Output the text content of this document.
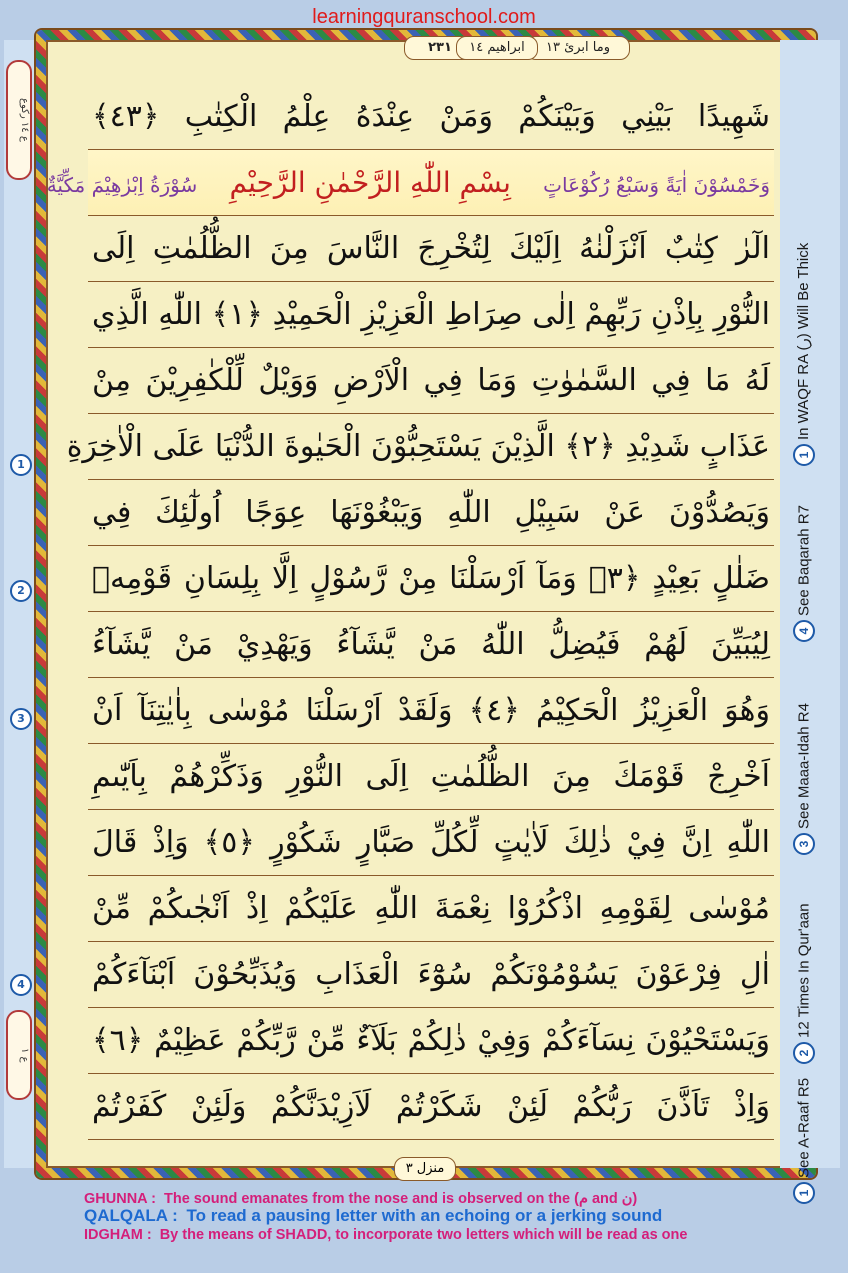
learningquranschool.com
٢٣١	وما ابرئ ١٣
ابراهيم ١٤
ع ١٤ ركوع
1
2
3
4
ع ١
1
In WAQF RA (ر) Will Be Thick
4
See Baqarah R7
3
See Maaa-Idah R4
2
12 Times In Qur'aan
1
See A-Raaf R5
شَهِيدًا بَيْنِي وَبَيْنَكُمْ وَمَنْ عِنْدَهُ عِلْمُ الْكِتٰبِ ﴿٤٣﴾
وَخَمْسُوْنَ اٰيَةً وَسَبْعُ رُكُوْعَاتٍ بِسْمِ اللّٰهِ الرَّحْمٰنِ الرَّحِيْمِ سُوْرَةُ اِبْرٰهِيْمَ مَكِّيَّةٌ
الٓرٰ كِتٰبٌ اَنْزَلْنٰهُ اِلَيْكَ لِتُخْرِجَ النَّاسَ مِنَ الظُّلُمٰتِ اِلَى
النُّوْرِ بِاِذْنِ رَبِّهِمْ اِلٰى صِرَاطِ الْعَزِيْزِ الْحَمِيْدِ ﴿١﴾ اللّٰهِ الَّذِي
لَهُ مَا فِي السَّمٰوٰتِ وَمَا فِي الْاَرْضِ وَوَيْلٌ لِّلْكٰفِرِيْنَ مِنْ
عَذَابٍ شَدِيْدِ ﴿٢﴾ الَّذِيْنَ يَسْتَحِبُّوْنَ الْحَيٰوةَ الدُّنْيَا عَلَى الْاٰخِرَةِ
وَيَصُدُّوْنَ عَنْ سَبِيْلِ اللّٰهِ وَيَبْغُوْنَهَا عِوَجًا اُولٰٓئِكَ فِي
ضَلٰلٍ بَعِيْدٍ ﴿٣﴾ وَمَآ اَرْسَلْنَا مِنْ رَّسُوْلٍ اِلَّا بِلِسَانِ قَوْمِهٖ
لِيُبَيِّنَ لَهُمْ فَيُضِلُّ اللّٰهُ مَنْ يَّشَآءُ وَيَهْدِيْ مَنْ يَّشَآءُ
وَهُوَ الْعَزِيْزُ الْحَكِيْمُ ﴿٤﴾ وَلَقَدْ اَرْسَلْنَا مُوْسٰى بِاٰيٰتِنَآ اَنْ
اَخْرِجْ قَوْمَكَ مِنَ الظُّلُمٰتِ اِلَى النُّوْرِ وَذَكِّرْهُمْ بِاَيّٰىمِ
اللّٰهِ اِنَّ فِيْ ذٰلِكَ لَاٰيٰتٍ لِّكُلِّ صَبَّارٍ شَكُوْرٍ ﴿٥﴾ وَاِذْ قَالَ
مُوْسٰى لِقَوْمِهِ اذْكُرُوْا نِعْمَةَ اللّٰهِ عَلَيْكُمْ اِذْ اَنْجٰىكُمْ مِّنْ
اٰلِ فِرْعَوْنَ يَسُوْمُوْنَكُمْ سُوْٓءَ الْعَذَابِ وَيُذَبِّحُوْنَ اَبْنَآءَكُمْ
وَيَسْتَحْيُوْنَ نِسَآءَكُمْ وَفِيْ ذٰلِكُمْ بَلَآءٌ مِّنْ رَّبِّكُمْ عَظِيْمٌ ﴿٦﴾
وَاِذْ تَاَذَّنَ رَبُّكُمْ لَئِنْ شَكَرْتُمْ لَاَزِيْدَنَّكُمْ وَلَئِنْ كَفَرْتُمْ
منزل ٣
GHUNNA : The sound emanates from the nose and is observed on the (م and ن)
QALQALA : To read a pausing letter with an echoing or a jerking sound
IDGHAM : By the means of SHADD, to incorporate two letters which will be read as one
